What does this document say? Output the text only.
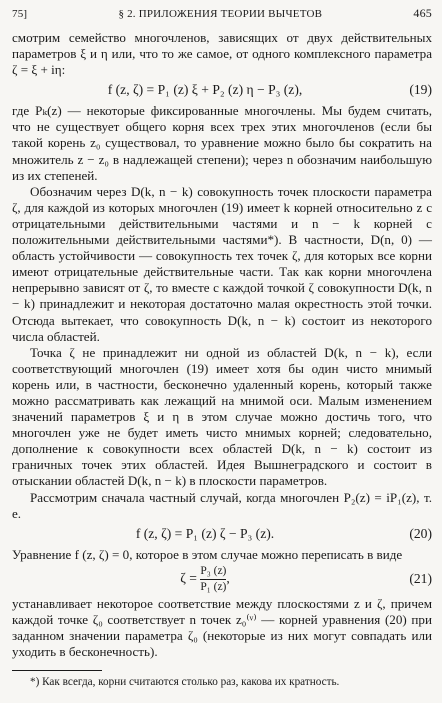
75]	§ 2. ПРИЛОЖЕНИЯ ТЕОРИИ ВЫЧЕТОВ	465

смотрим семейство многочленов, зависящих от двух действительных параметров ξ и η или, что то же самое, от одного комплексного параметра ζ = ξ + iη:

f (z, ζ) = P₁ (z) ξ + P₂ (z) η − P₃ (z),	(19)

где Pₖ(z) — некоторые фиксированные многочлены. Мы будем считать, что не существует общего корня всех трех этих многочленов (если бы такой корень z₀ существовал, то уравнение можно было бы сократить на множитель z − z₀ в надлежащей степени); через n обозначим наибольшую из их степеней.

Обозначим через D(k, n − k) совокупность точек плоскости параметра ζ, для каждой из которых многочлен (19) имеет k корней относительно z с отрицательными действительными частями и n − k корней с положительными действительными частями*). В частности, D(n, 0) — область устойчивости — совокупность тех точек ζ, для которых все корни имеют отрицательные действительные части. Так как корни многочлена непрерывно зависят от ζ, то вместе с каждой точкой ζ совокупности D(k, n − k) принадлежит и некоторая достаточно малая окрестность этой точки. Отсюда вытекает, что совокупность D(k, n − k) состоит из некоторого числа областей.

Точка ζ не принадлежит ни одной из областей D(k, n − k), если соответствующий многочлен (19) имеет хотя бы один чисто мнимый корень или, в частности, бесконечно удаленный корень, который также можно рассматривать как лежащий на мнимой оси. Малым изменением значений параметров ξ и η в этом случае можно достичь того, что многочлен уже не будет иметь чисто мнимых корней; следовательно, дополнение к совокупности всех областей D(k, n − k) состоит из граничных точек этих областей. Идея Вышнеградского и состоит в отыскании областей D(k, n − k) в плоскости параметров.

Рассмотрим сначала частный случай, когда многочлен P₂(z) = iP₁(z), т. е.

f (z, ζ) = P₁ (z) ζ − P₃ (z).	(20)

Уравнение f (z, ζ) = 0, которое в этом случае можно переписать в виде

$\zeta = \frac{\text{P₃ (z)}}{\text{P₁ (z)}}$ ,	(21)

устанавливает некоторое соответствие между плоскостями z и ζ, причем каждой точке ζ₀ соответствует n точек z₀⁽ᵛ⁾ — корней уравнения (20) при заданном значении параметра ζ₀ (некоторые из них могут совпадать или уходить в бесконечность).

*) Как всегда, корни считаются столько раз, какова их кратность.
